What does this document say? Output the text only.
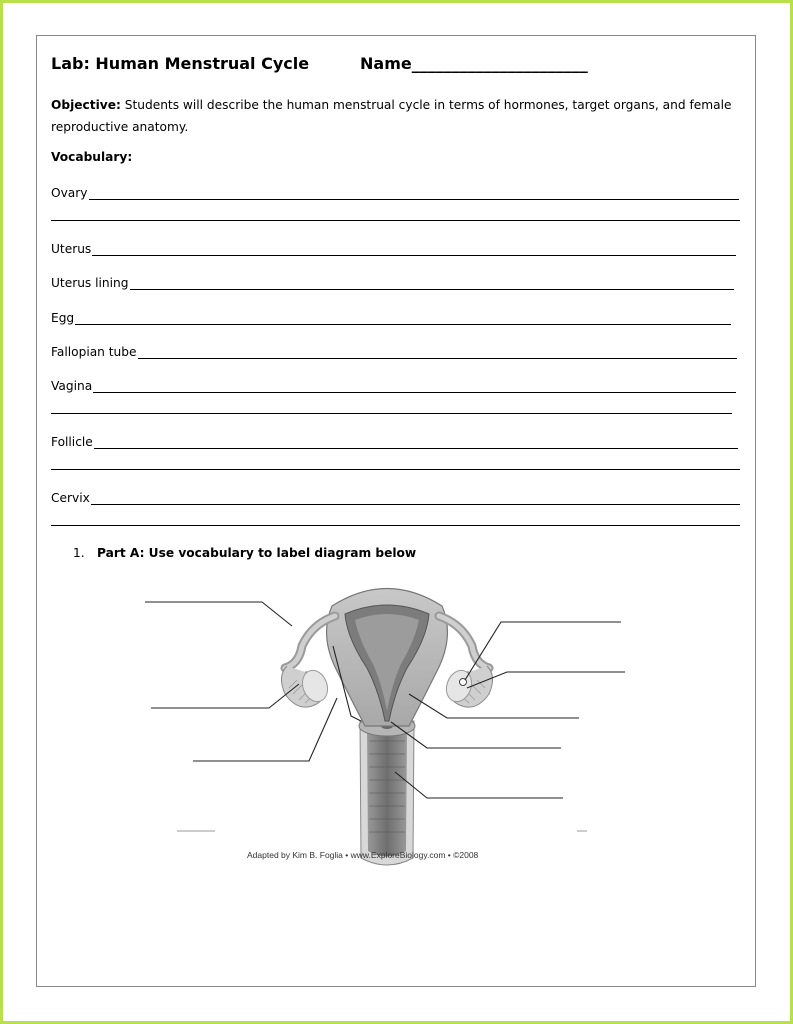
Lab: Human Menstrual Cycle	Name______________________
Objective: Students will describe the human menstrual cycle in terms of hormones, target organs, and female reproductive anatomy.
Vocabulary:
Ovary
Uterus
Uterus lining
Egg
Fallopian tube
Vagina
Follicle
Cervix
1. Part A: Use vocabulary to label diagram below
Adapted by Kim B. Foglia • www.ExploreBiology.com • ©2008
